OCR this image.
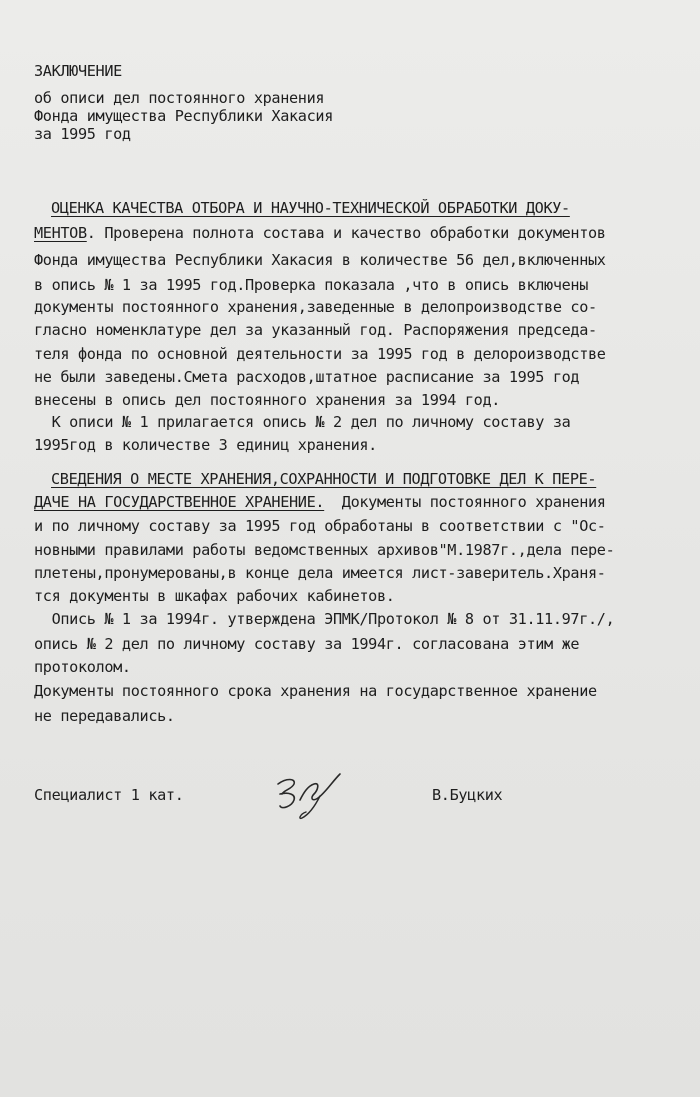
ЗАКЛЮЧЕНИЕ
об описи дел постоянного хранения
Фонда имущества Республики Хакасия
за 1995 год
ОЦЕНКА КАЧЕСТВА ОТБОРА И НАУЧНО-ТЕХНИЧЕСКОЙ ОБРАБОТКИ ДОКУ-
МЕНТОВ. Проверена полнота состава и качество обработки документов
Фонда имущества Республики Хакасия в количестве 56 дел,включенных
в опись № 1 за 1995 год.Проверка показала ,что в опись включены
документы постоянного хранения,заведенные в делопроизводстве со-
гласно номенклатуре дел за указанный год. Распоряжения председа-
теля фонда по основной деятельности за 1995 год в делороизводстве
не были заведены.Смета расходов,штатное расписание за 1995 год
внесены в опись дел постоянного хранения за 1994 год.
К описи № 1 прилагается опись № 2 дел по личному составу за
1995год в количестве 3 единиц хранения.
СВЕДЕНИЯ О МЕСТЕ ХРАНЕНИЯ,СОХРАННОСТИ И ПОДГОТОВКЕ ДЕЛ К ПЕРЕ-
ДАЧЕ НА ГОСУДАРСТВЕННОЕ ХРАНЕНИЕ.  Документы постоянного хранения
и по личному составу за 1995 год обработаны в соответствии с "Ос-
новными правилами работы ведомственных архивов"М.1987г.,дела пере-
плетены,пронумерованы,в конце дела имеется лист-заверитель.Храня-
тся документы в шкафах рабочих кабинетов.
Опись № 1 за 1994г. утверждена ЭПМК/Протокол № 8 от 31.11.97г./,
опись № 2 дел по личному составу за 1994г. согласована этим же
протоколом.
Документы постоянного срока хранения на государственное хранение
не передавались.
Специалист 1 кат.	В.Буцких
